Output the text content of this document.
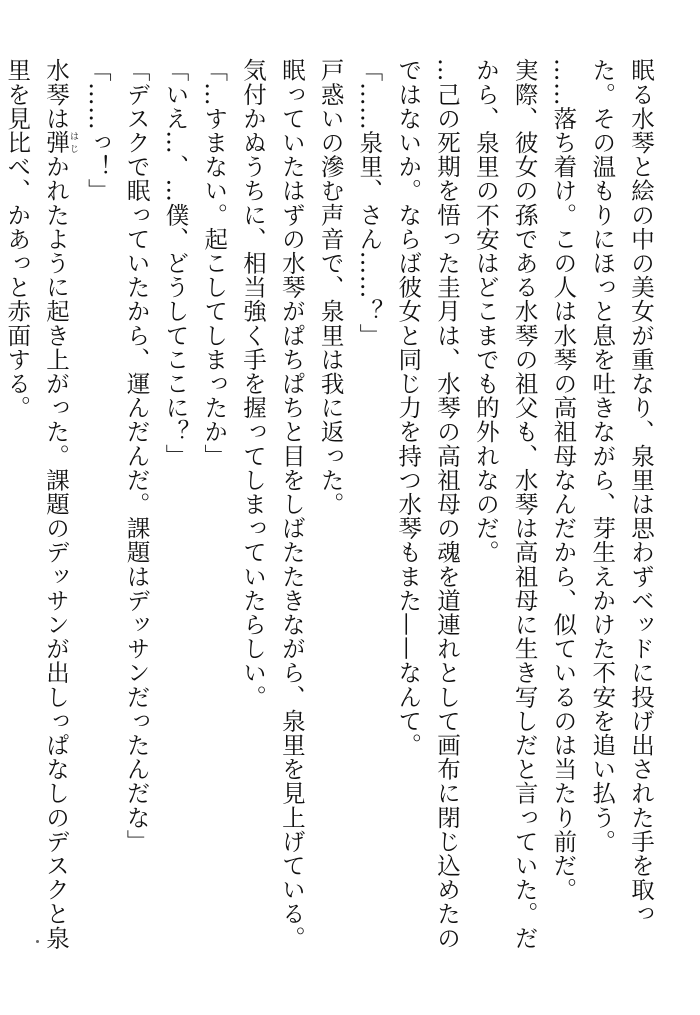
眠る水琴と絵の中の美女が重なり、泉里は思わずベッドに投げ出された手を取った。その温もりにほっと息を吐きながら、芽生えかけた不安を追い払う。

……落ち着け。この人は水琴の高祖母なんだから、似ているのは当たり前だ。

実際、彼女の孫である水琴の祖父も、水琴は高祖母に生き写しだと言っていた。だから、泉里の不安はどこまでも的外れなのだ。

…己の死期を悟った圭月は、水琴の高祖母の魂を道連れとして画布に閉じ込めたのではないか。ならば彼女と同じ力を持つ水琴もまた——なんて。

「……泉里、さん……？」

戸惑いの滲む声音で、泉里は我に返った。

眠っていたはずの水琴がぱちぱちと目をしばたたきながら、泉里を見上げている。気付かぬうちに、相当強く手を握ってしまっていたらしい。

「…すまない。起こしてしまったか」

「いえ…、…僕、どうしてここに？」

「デスクで眠っていたから、運んだんだ。課題はデッサンだったんだな」

「……っ！」

水琴は弾はじかれたように起き上がった。課題のデッサンが出しっぱなしのデスクと泉里を見比べ、かあっと赤面する。
